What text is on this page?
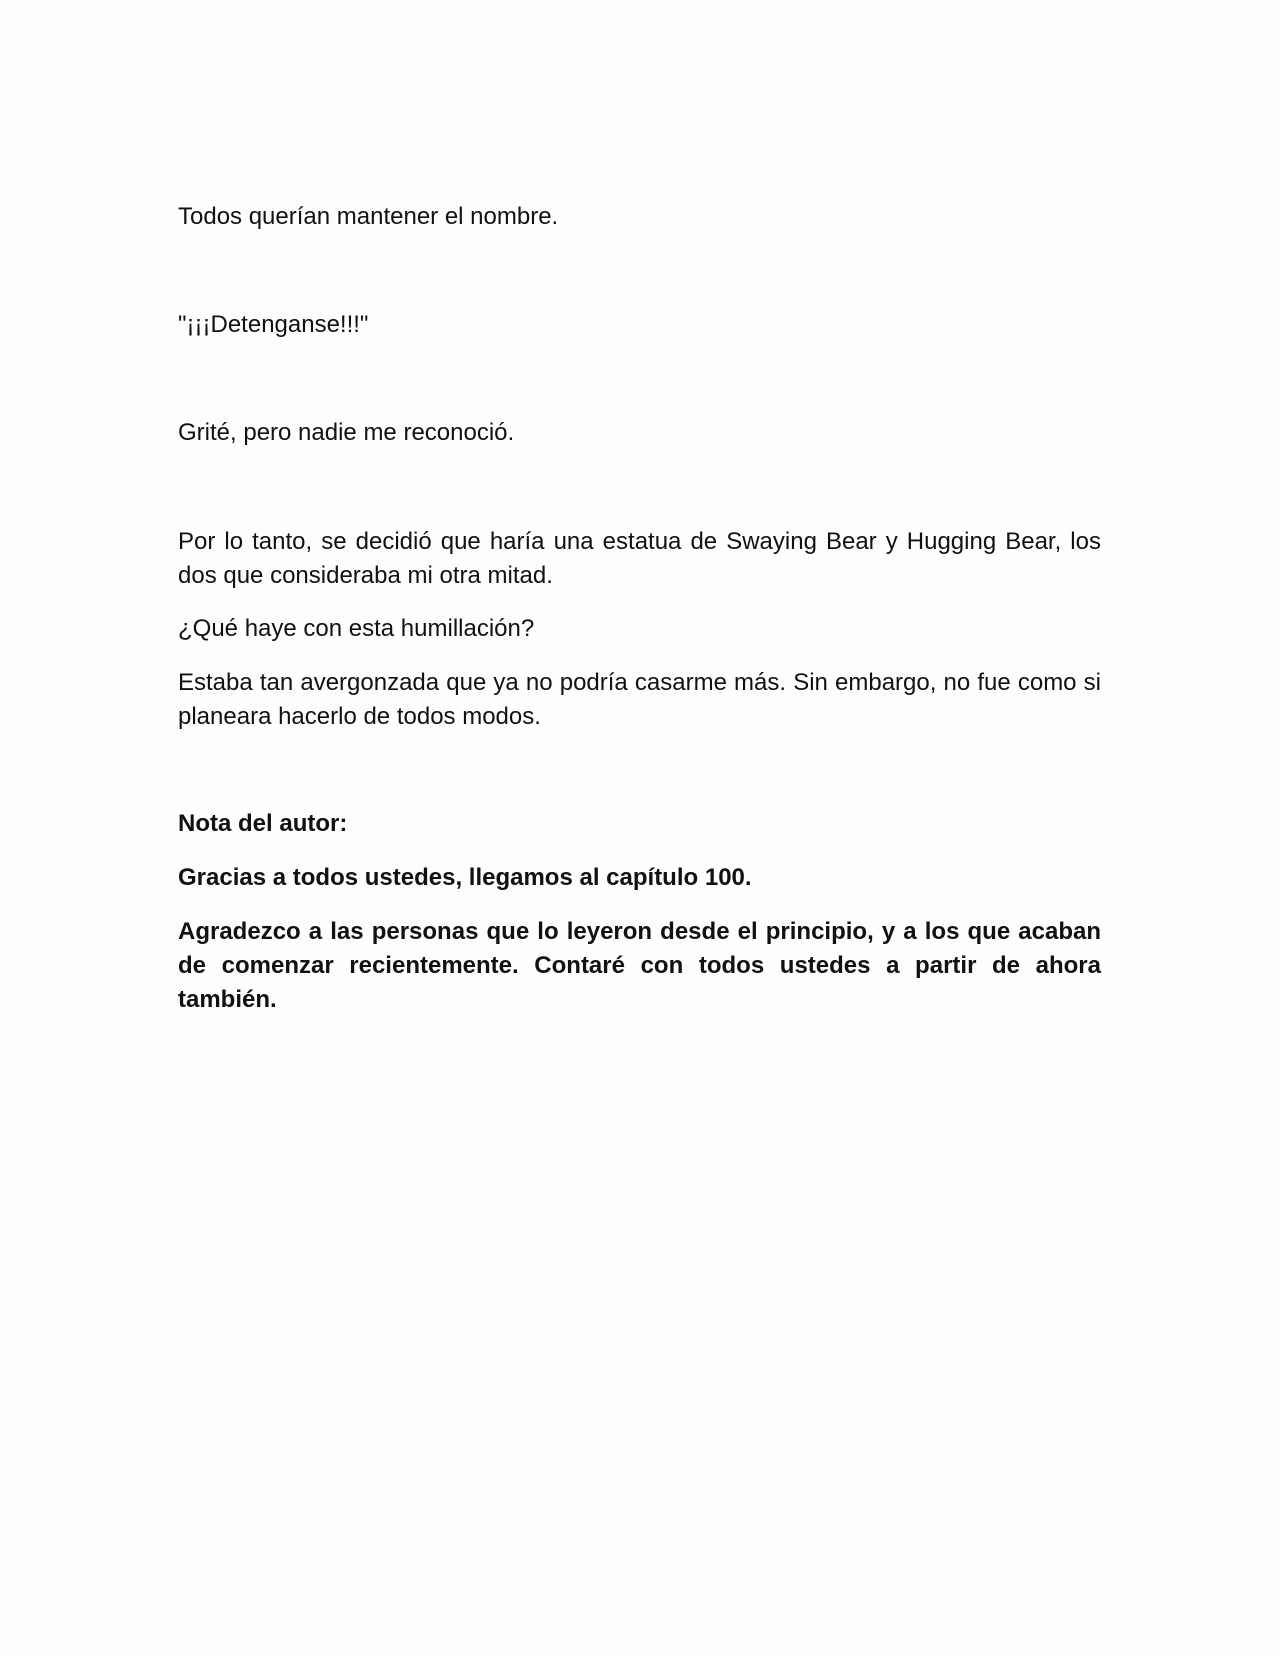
Todos querían mantener el nombre.

"¡¡¡Detenganse!!!"

Grité, pero nadie me reconoció.

Por lo tanto, se decidió que haría una estatua de Swaying Bear y Hugging Bear, los dos que consideraba mi otra mitad.

¿Qué haye con esta humillación?

Estaba tan avergonzada que ya no podría casarme más. Sin embargo, no fue como si planeara hacerlo de todos modos.

Nota del autor:

Gracias a todos ustedes, llegamos al capítulo 100.

Agradezco a las personas que lo leyeron desde el principio, y a los que acaban de comenzar recientemente. Contaré con todos ustedes a partir de ahora también.
